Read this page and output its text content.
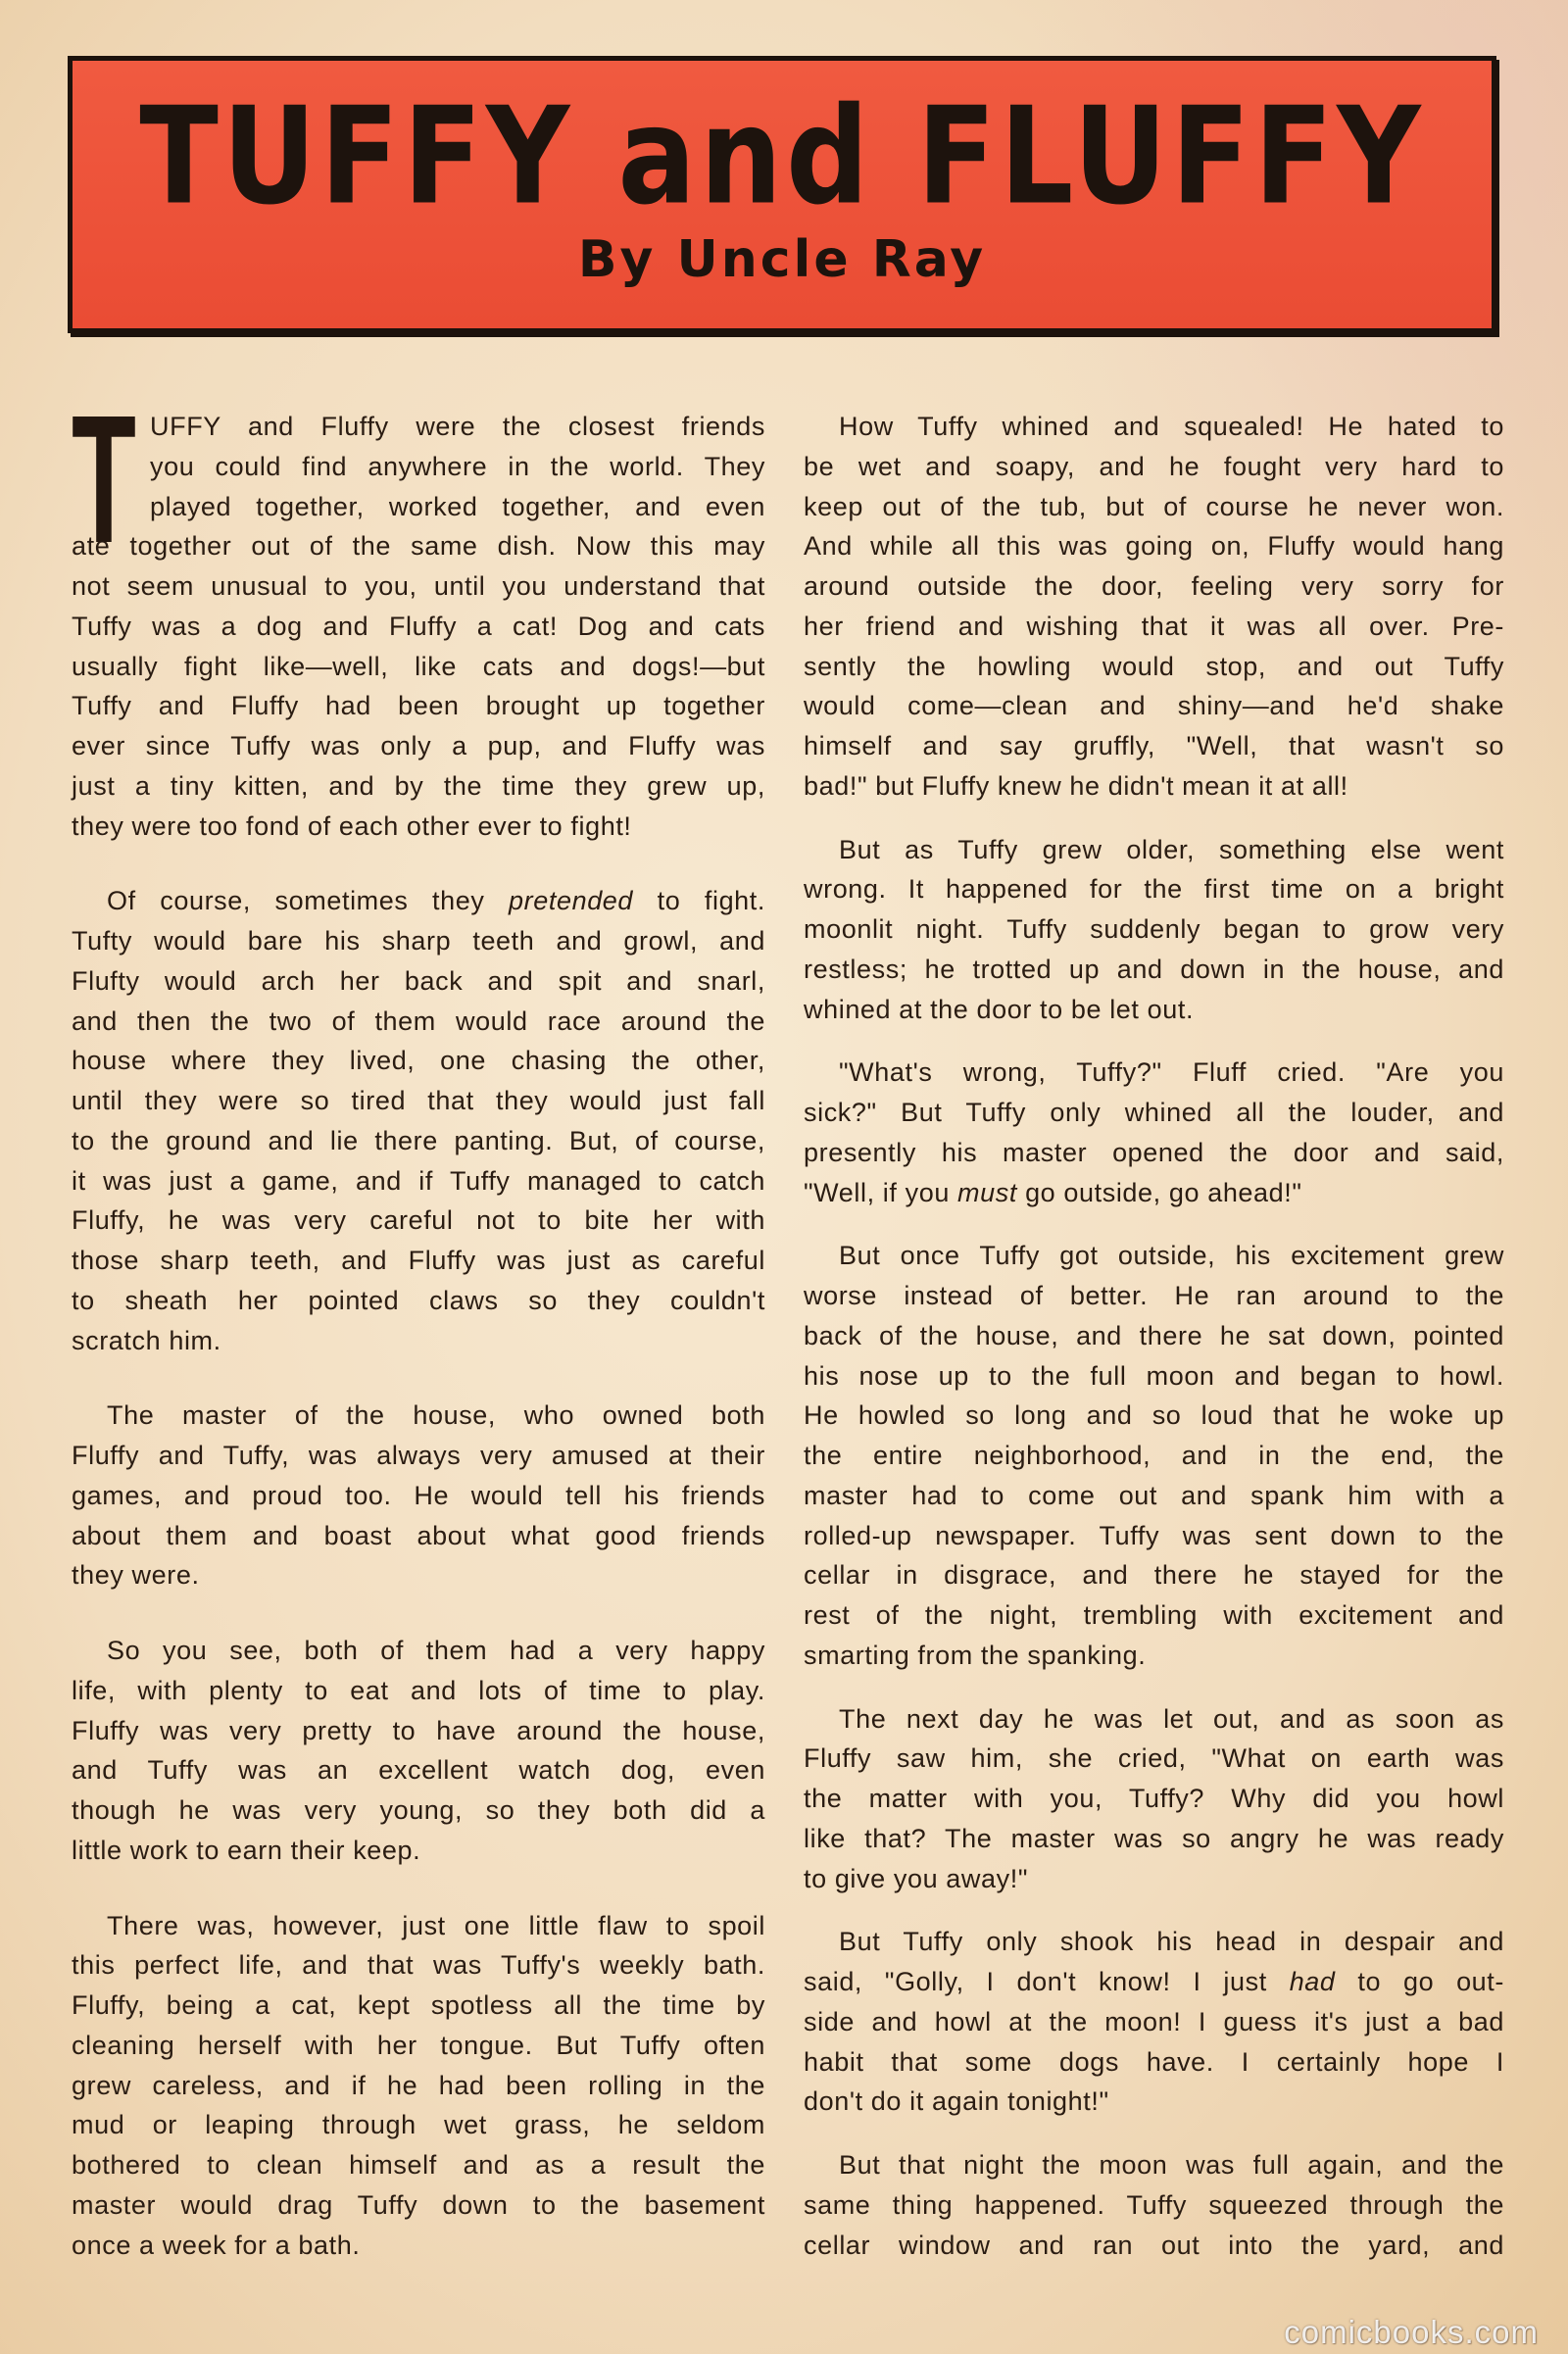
TUFFY and FLUFFY
By Uncle Ray
T UFFY and Fluffy were the closest friends
you could find anywhere in the world. They
played together, worked together, and even
ate together out of the same dish. Now this may
not seem unusual to you, until you understand that
Tuffy was a dog and Fluffy a cat! Dog and cats
usually fight like—well, like cats and dogs!—but
Tuffy and Fluffy had been brought up together
ever since Tuffy was only a pup, and Fluffy was
just a tiny kitten, and by the time they grew up,
they were too fond of each other ever to fight!
Of course, sometimes they pretended to fight.
Tufty would bare his sharp teeth and growl, and
Flufty would arch her back and spit and snarl,
and then the two of them would race around the
house where they lived, one chasing the other,
until they were so tired that they would just fall
to the ground and lie there panting. But, of course,
it was just a game, and if Tuffy managed to catch
Fluffy, he was very careful not to bite her with
those sharp teeth, and Fluffy was just as careful
to sheath her pointed claws so they couldn't
scratch him.
The master of the house, who owned both
Fluffy and Tuffy, was always very amused at their
games, and proud too. He would tell his friends
about them and boast about what good friends
they were.
So you see, both of them had a very happy
life, with plenty to eat and lots of time to play.
Fluffy was very pretty to have around the house,
and Tuffy was an excellent watch dog, even
though he was very young, so they both did a
little work to earn their keep.
There was, however, just one little flaw to spoil
this perfect life, and that was Tuffy's weekly bath.
Fluffy, being a cat, kept spotless all the time by
cleaning herself with her tongue. But Tuffy often
grew careless, and if he had been rolling in the
mud or leaping through wet grass, he seldom
bothered to clean himself and as a result the
master would drag Tuffy down to the basement
once a week for a bath.
How Tuffy whined and squealed! He hated to
be wet and soapy, and he fought very hard to
keep out of the tub, but of course he never won.
And while all this was going on, Fluffy would hang
around outside the door, feeling very sorry for
her friend and wishing that it was all over. Pre-
sently the howling would stop, and out Tuffy
would come—clean and shiny—and he'd shake
himself and say gruffly, "Well, that wasn't so
bad!" but Fluffy knew he didn't mean it at all!
But as Tuffy grew older, something else went
wrong. It happened for the first time on a bright
moonlit night. Tuffy suddenly began to grow very
restless; he trotted up and down in the house, and
whined at the door to be let out.
"What's wrong, Tuffy?" Fluff cried. "Are you
sick?" But Tuffy only whined all the louder, and
presently his master opened the door and said,
"Well, if you must go outside, go ahead!"
But once Tuffy got outside, his excitement grew
worse instead of better. He ran around to the
back of the house, and there he sat down, pointed
his nose up to the full moon and began to howl.
He howled so long and so loud that he woke up
the entire neighborhood, and in the end, the
master had to come out and spank him with a
rolled-up newspaper. Tuffy was sent down to the
cellar in disgrace, and there he stayed for the
rest of the night, trembling with excitement and
smarting from the spanking.
The next day he was let out, and as soon as
Fluffy saw him, she cried, "What on earth was
the matter with you, Tuffy? Why did you howl
like that? The master was so angry he was ready
to give you away!"
But Tuffy only shook his head in despair and
said, "Golly, I don't know! I just had to go out-
side and howl at the moon! I guess it's just a bad
habit that some dogs have. I certainly hope I
don't do it again tonight!"
But that night the moon was full again, and the
same thing happened. Tuffy squeezed through the
cellar window and ran out into the yard, and
comicbooks.com
